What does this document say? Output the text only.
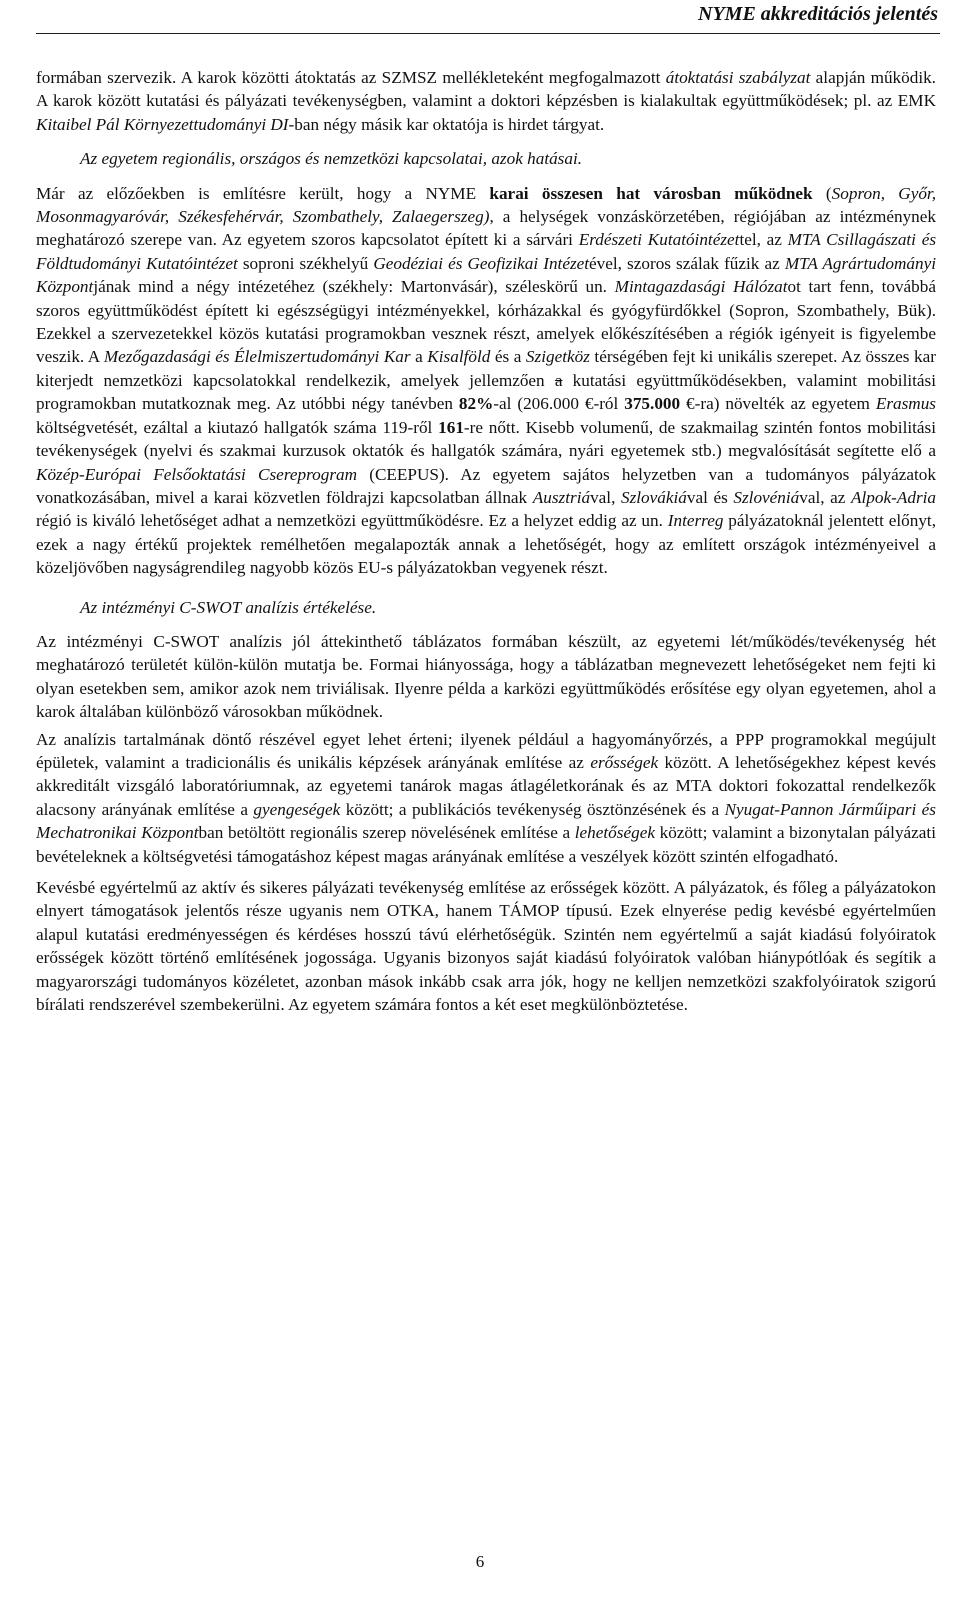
NYME akkreditációs jelentés

formában szervezik. A karok közötti átoktatás az SZMSZ mellékleteként megfogalmazott átoktatási szabályzat alapján működik. A karok között kutatási és pályázati tevékenységben, valamint a doktori képzésben is kialakultak együttműködések; pl. az EMK Kitaibel Pál Környezettudományi DI-ban négy másik kar oktatója is hirdet tárgyat.

Az egyetem regionális, országos és nemzetközi kapcsolatai, azok hatásai.

Már az előzőekben is említésre került, hogy a NYME karai összesen hat városban működnek (Sopron, Győr, Mosonmagyaróvár, Székesfehérvár, Szombathely, Zalaegerszeg), a helységek vonzáskörzetében, régiójában az intézménynek meghatározó szerepe van. Az egyetem szoros kapcsolatot épített ki a sárvári Erdészeti Kutatóintézettel, az MTA Csillagászati és Földtudományi Kutatóintézet soproni székhelyű Geodéziai és Geofizikai Intézetével, szoros szálak fűzik az MTA Agrártudományi Központjának mind a négy intézetéhez (székhely: Martonvásár), széleskörű un. Mintagazdasági Hálózatot tart fenn, továbbá szoros együttműködést épített ki egészségügyi intézményekkel, kórházakkal és gyógyfürdőkkel (Sopron, Szombathely, Bük). Ezekkel a szervezetekkel közös kutatási programokban vesznek részt, amelyek előkészítésében a régiók igényeit is figyelembe veszik. A Mezőgazdasági és Élelmiszertudományi Kar a Kisalföld és a Szigetköz térségében fejt ki unikális szerepet. Az összes kar kiterjedt nemzetközi kapcsolatokkal rendelkezik, amelyek jellemzően a kutatási együttműködésekben, valamint mobilitási programokban mutatkoznak meg. Az utóbbi négy tanévben 82%-al (206.000 €-ról 375.000 €-ra) növelték az egyetem Erasmus költségvetését, ezáltal a kiutazó hallgatók száma 119-ről 161-re nőtt. Kisebb volumenű, de szakmailag szintén fontos mobilitási tevékenységek (nyelvi és szakmai kurzusok oktatók és hallgatók számára, nyári egyetemek stb.) megvalósítását segítette elő a Közép-Európai Felsőoktatási Csereprogram (CEEPUS). Az egyetem sajátos helyzetben van a tudományos pályázatok vonatkozásában, mivel a karai közvetlen földrajzi kapcsolatban állnak Ausztriával, Szlovákiával és Szlovéniával, az Alpok-Adria régió is kiváló lehetőséget adhat a nemzetközi együttműködésre. Ez a helyzet eddig az un. Interreg pályázatoknál jelentett előnyt, ezek a nagy értékű projektek remélhetően megalapozták annak a lehetőségét, hogy az említett országok intézményeivel a közeljövőben nagyságrendileg nagyobb közös EU-s pályázatokban vegyenek részt.

Az intézményi C-SWOT analízis értékelése.

Az intézményi C-SWOT analízis jól áttekinthető táblázatos formában készült, az egyetemi lét/működés/tevékenység hét meghatározó területét külön-külön mutatja be. Formai hiányossága, hogy a táblázatban megnevezett lehetőségeket nem fejti ki olyan esetekben sem, amikor azok nem triviálisak. Ilyenre példa a karközi együttműködés erősítése egy olyan egyetemen, ahol a karok általában különböző városokban működnek.

Az analízis tartalmának döntő részével egyet lehet érteni; ilyenek például a hagyományőrzés, a PPP programokkal megújult épületek, valamint a tradicionális és unikális képzések arányának említése az erősségek között. A lehetőségekhez képest kevés akkreditált vizsgáló laboratóriumnak, az egyetemi tanárok magas átlagéletkorának és az MTA doktori fokozattal rendelkezők alacsony arányának említése a gyengeségek között; a publikációs tevékenység ösztönzésének és a Nyugat-Pannon Járműipari és Mechatronikai Központban betöltött regionális szerep növelésének említése a lehetőségek között; valamint a bizonytalan pályázati bevételeknek a költségvetési támogatáshoz képest magas arányának említése a veszélyek között szintén elfogadható.

Kevésbé egyértelmű az aktív és sikeres pályázati tevékenység említése az erősségek között. A pályázatok, és főleg a pályázatokon elnyert támogatások jelentős része ugyanis nem OTKA, hanem TÁMOP típusú. Ezek elnyerése pedig kevésbé egyértelműen alapul kutatási eredményességen és kérdéses hosszú távú elérhetőségük. Szintén nem egyértelmű a saját kiadású folyóiratok erősségek között történő említésének jogossága. Ugyanis bizonyos saját kiadású folyóiratok valóban hiánypótlóak és segítik a magyarországi tudományos közéletet, azonban mások inkább csak arra jók, hogy ne kelljen nemzetközi szakfolyóiratok szigorú bírálati rendszerével szembekerülni. Az egyetem számára fontos a két eset megkülönböztetése.

6
